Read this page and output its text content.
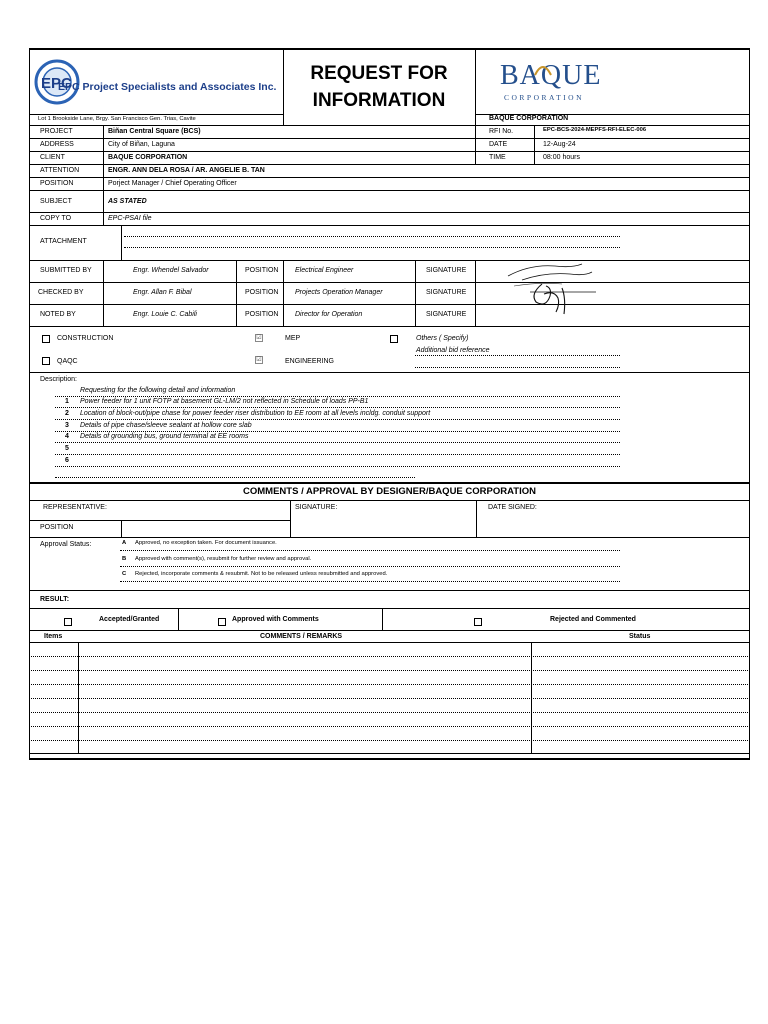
EPC
EPC Project Specialists and Associates Inc.
Lot 1 Brookside Lane, Brgy. San Francisco Gen. Trias, Cavite
REQUEST FOR
INFORMATION
BAQUE
CORPORATION
BAQUE CORPORATION
PROJECT	Biñan Central Square (BCS)	RFI No.	EPC-BCS-2024-MEPFS-RFI-ELEC-006
ADDRESS	City of Biñan, Laguna	DATE	12-Aug-24
CLIENT	BAQUE CORPORATION	TIME	08:00 hours
ATTENTION	ENGR. ANN DELA ROSA / AR. ANGELIE B. TAN
POSITION	Porject Manager / Chief Operating Officer
SUBJECT	AS STATED
COPY TO	EPC-PSAI file
ATTACHMENT
SUBMITTED BY	Engr. Whendel Salvador	POSITION Electrical Engineer	SIGNATURE
CHECKED BY	Engr. Allan F. Bibal	POSITION Projects Operation Manager	SIGNATURE
NOTED BY	Engr. Louie C. Cabili	POSITION Director for Operation	SIGNATURE
CONSTRUCTION	☑	MEP	Others ( Specify)
Additional bid reference
QAQC	☑	ENGINEERING
Description:
Requesting for the following detail and information
1 Power feeder for 1 unit FOTP at basement GL-LM/2 not reflected in Schedule of loads PP-B1
2 Location of block-out/pipe chase for power feeder riser distribution to EE room at all levels incldg. conduit support
3 Details of pipe chase/sleeve sealant at hollow core slab
4 Details of grounding bus, ground terminal at EE rooms
5
6
COMMENTS / APPROVAL BY DESIGNER/BAQUE CORPORATION
REPRESENTATIVE:	SIGNATURE:	DATE SIGNED:
POSITION
Approval Status:	A Approved, no exception taken. For document issuance.
B Approved with comment(s), resubmit for further review and approval.
C Rejected, incorporate comments & resubmit. Not to be released unless resubmitted and approved.
RESULT:
Accepted/Granted	Approved with Comments	Rejected and Commented
Items	COMMENTS / REMARKS	Status
